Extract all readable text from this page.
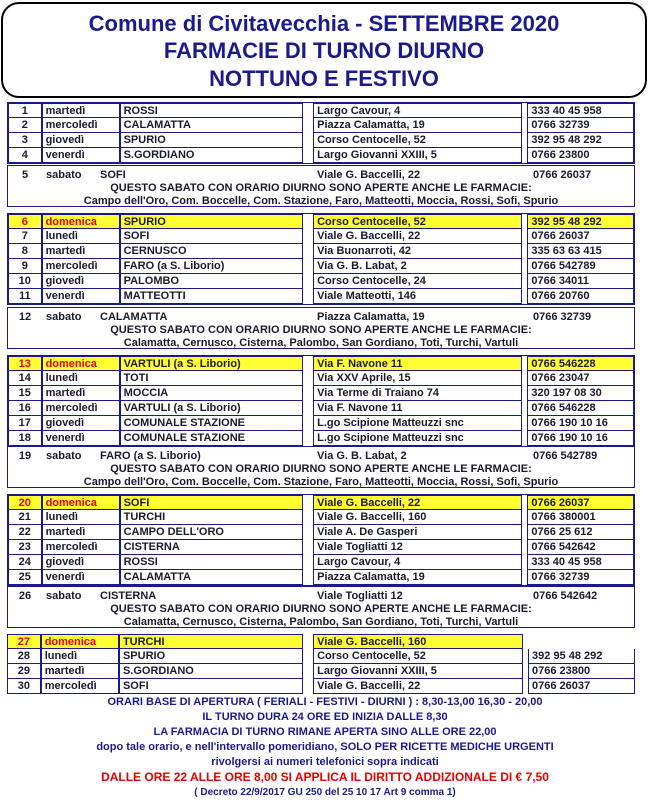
Comune di Civitavecchia - SETTEMBRE 2020
FARMACIE DI TURNO DIURNO
NOTTUNO E FESTIVO
1	martedì	ROSSI	Largo Cavour, 4	333 40 45 958
2	mercoledì	CALAMATTA	Piazza Calamatta, 19	0766 32739
3	giovedì	SPURIO	Corso Centocelle, 52	392 95 48 292
4	venerdì	S.GORDIANO	Largo Giovanni XXIII, 5	0766 23800
5	sabato	SOFI	Viale G. Baccelli, 22	0766 26037
QUESTO SABATO CON ORARIO DIURNO SONO APERTE ANCHE LE FARMACIE:
Campo dell'Oro, Com. Boccelle, Com. Stazione, Faro, Matteotti, Moccia, Rossi, Sofi, Spurio
6	domenica	SPURIO	Corso Centocelle, 52	392 95 48 292
7	lunedì	SOFI	Viale G. Baccelli, 22	0766 26037
8	martedì	CERNUSCO	Via Buonarroti, 42	335 63 63 415
9	mercoledì	FARO (a S. Liborio)	Via G. B. Labat, 2	0766 542789
10	giovedì	PALOMBO	Corso Centocelle, 24	0766 34011
11	venerdì	MATTEOTTI	Viale Matteotti, 146	0766 20760
12	sabato	CALAMATTA	Piazza Calamatta, 19	0766 32739
QUESTO SABATO CON ORARIO DIURNO SONO APERTE ANCHE LE FARMACIE:
Calamatta, Cernusco, Cisterna, Palombo, San Gordiano, Toti, Turchi, Vartuli
13	domenica	VARTULI (a S. Liborio)	Via F. Navone 11	0766 546228
14	lunedì	TOTI	Via XXV Aprile, 15	0766 23047
15	martedì	MOCCIA	Via Terme di Traiano 74	320 197 08 30
16	mercoledì	VARTULI (a S. Liborio)	Via F. Navone 11	0766 546228
17	giovedì	COMUNALE STAZIONE	L.go Scipione Matteuzzi snc	0766 190 10 16
18	venerdì	COMUNALE STAZIONE	L.go Scipione Matteuzzi snc	0766 190 10 16
19	sabato	FARO (a S. Liborio)	Via G. B. Labat, 2	0766 542789
QUESTO SABATO CON ORARIO DIURNO SONO APERTE ANCHE LE FARMACIE:
Campo dell'Oro, Com. Boccelle, Com. Stazione, Faro, Matteotti, Moccia, Rossi, Sofi, Spurio
20	domenica	SOFI	Viale G. Baccelli, 22	0766 26037
21	lunedì	TURCHI	Viale G. Baccelli, 160	0766 380001
22	martedì	CAMPO DELL'ORO	Viale A. De Gasperi	0766 25 612
23	mercoledì	CISTERNA	Viale Togliatti 12	0766 542642
24	giovedì	ROSSI	Largo Cavour, 4	333 40 45 958
25	venerdì	CALAMATTA	Piazza Calamatta, 19	0766 32739
26	sabato	CISTERNA	Viale Togliatti 12	0766 542642
QUESTO SABATO CON ORARIO DIURNO SONO APERTE ANCHE LE FARMACIE:
Calamatta, Cernusco, Cisterna, Palombo, San Gordiano, Toti, Turchi, Vartuli
27	domenica	TURCHI	Viale G. Baccelli, 160
28	lunedì	SPURIO	Corso Centocelle, 52	392 95 48 292
29	martedì	S.GORDIANO	Largo Giovanni XXIII, 5	0766 23800
30	mercoledì	SOFI	Viale G. Baccelli, 22	0766 26037
ORARI BASE DI APERTURA ( FERIALI - FESTIVI - DIURNI ) : 8,30-13,00 16,30 - 20,00
IL TURNO DURA 24 ORE ED INIZIA DALLE 8,30
LA FARMACIA DI TURNO RIMANE APERTA SINO ALLE ORE 22,00
dopo tale orario, e nell'intervallo pomeridiano, SOLO PER RICETTE MEDICHE URGENTI
rivolgersi ai numeri telefonici sopra indicati
DALLE ORE 22 ALLE ORE 8,00 SI APPLICA IL DIRITTO ADDIZIONALE DI € 7,50
( Decreto 22/9/2017 GU 250 del 25 10 17 Art 9 comma 1)
